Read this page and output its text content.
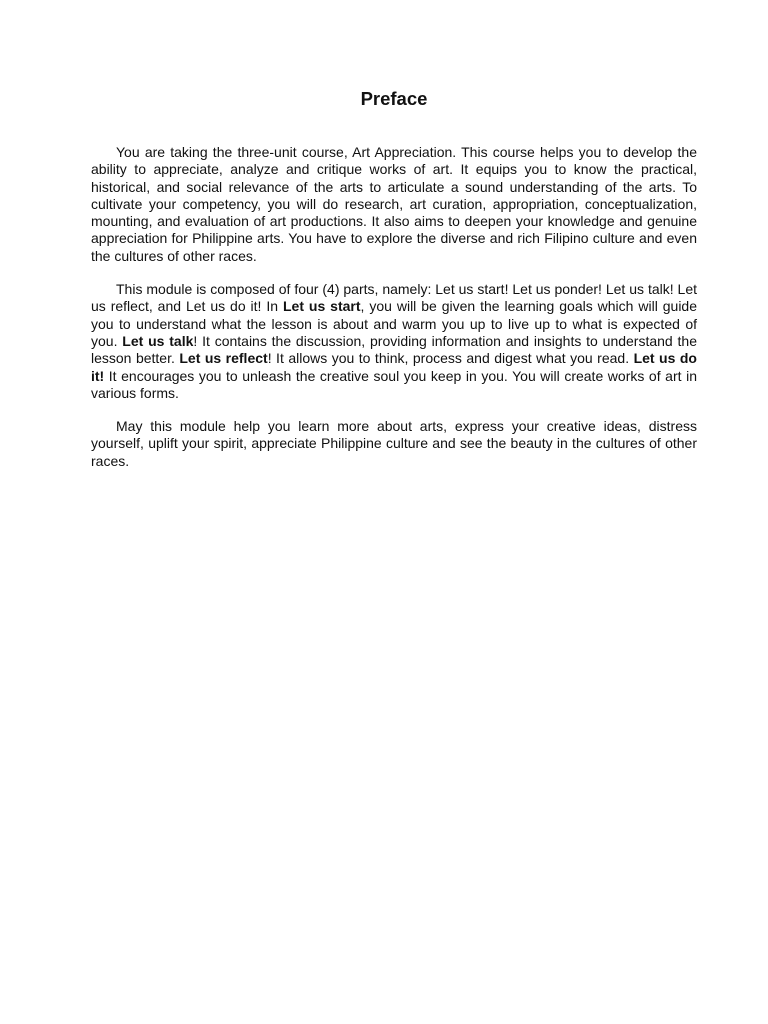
Preface

You are taking the three-unit course, Art Appreciation. This course helps you to develop the ability to appreciate, analyze and critique works of art. It equips you to know the practical, historical, and social relevance of the arts to articulate a sound understanding of the arts. To cultivate your competency, you will do research, art curation, appropriation, conceptualization, mounting, and evaluation of art productions. It also aims to deepen your knowledge and genuine appreciation for Philippine arts. You have to explore the diverse and rich Filipino culture and even the cultures of other races.

This module is composed of four (4) parts, namely: Let us start! Let us ponder! Let us talk! Let us reflect, and Let us do it! In Let us start, you will be given the learning goals which will guide you to understand what the lesson is about and warm you up to live up to what is expected of you. Let us talk! It contains the discussion, providing information and insights to understand the lesson better. Let us reflect! It allows you to think, process and digest what you read. Let us do it! It encourages you to unleash the creative soul you keep in you. You will create works of art in various forms.

May this module help you learn more about arts, express your creative ideas, distress yourself, uplift your spirit, appreciate Philippine culture and see the beauty in the cultures of other races.
